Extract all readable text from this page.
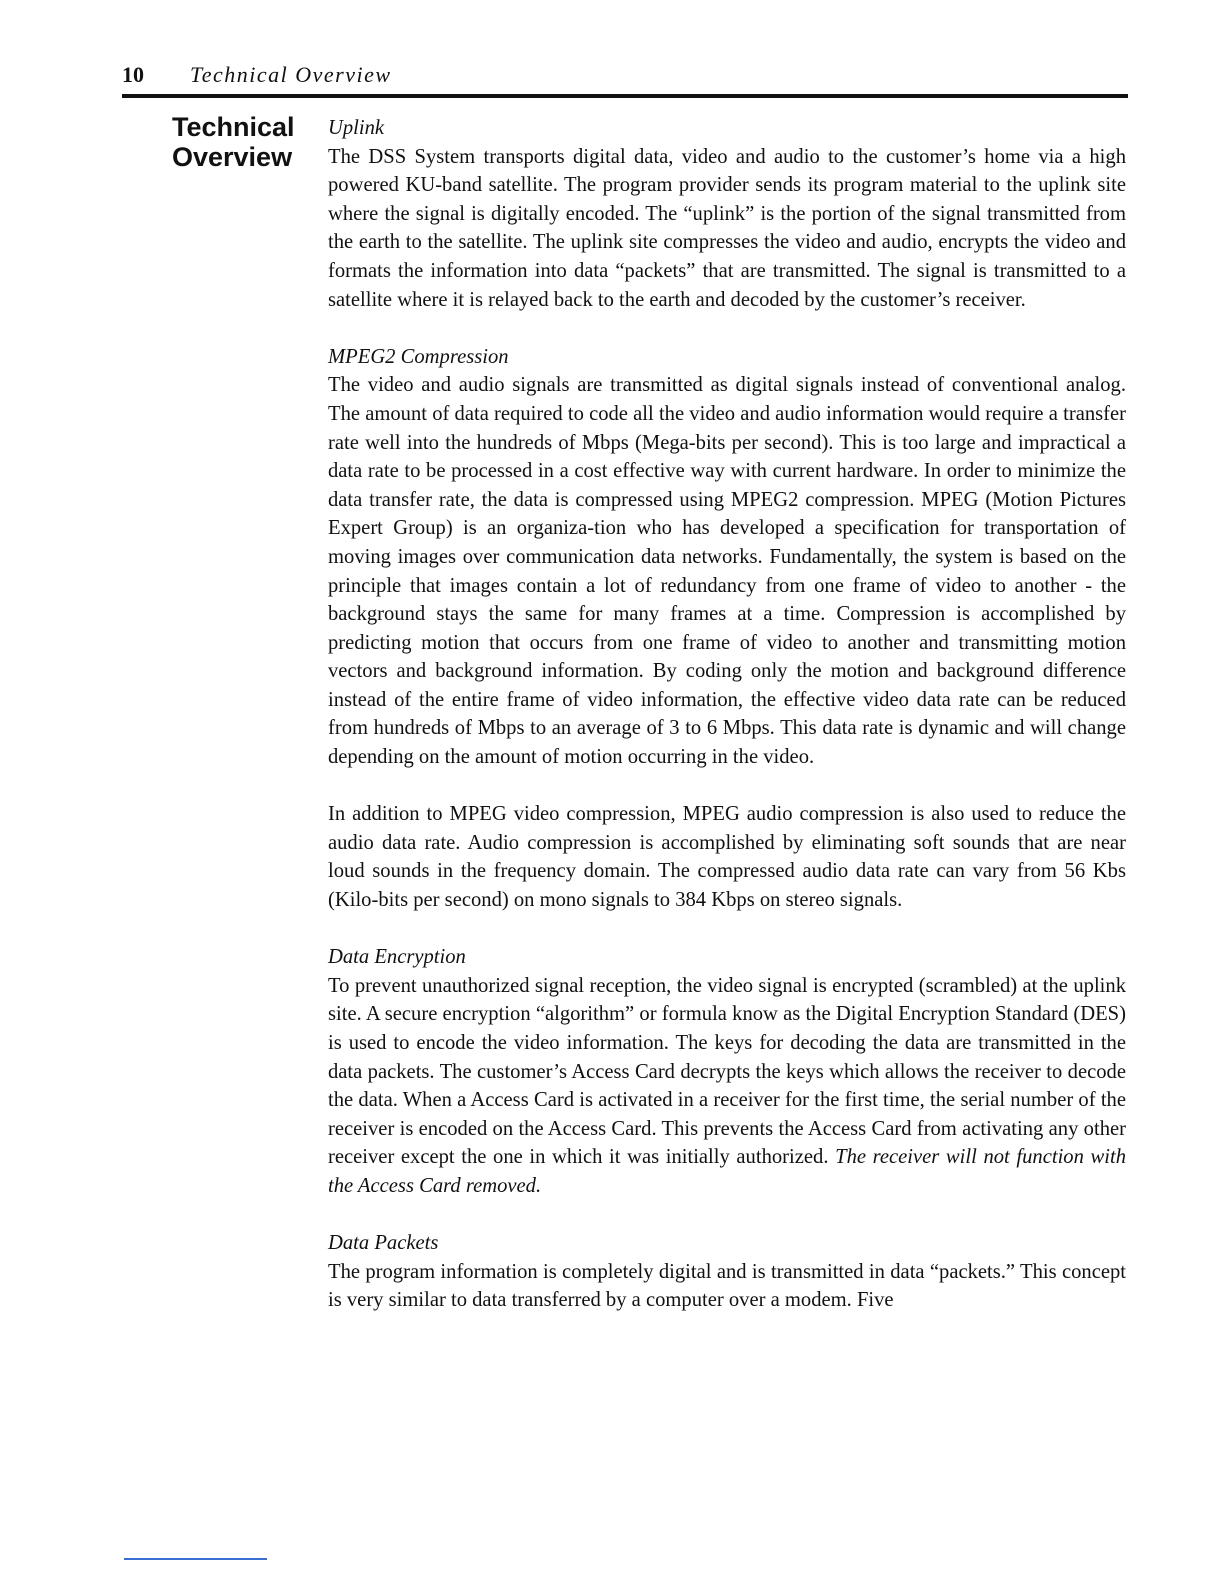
10 Technical Overview
Technical
Overview

Uplink

The DSS System transports digital data, video and audio to the customer’s home via a high powered KU-band satellite. The program provider sends its program material to the uplink site where the signal is digitally encoded. The “uplink” is the portion of the signal transmitted from the earth to the satellite. The uplink site compresses the video and audio, encrypts the video and formats the information into data “packets” that are transmitted. The signal is transmitted to a satellite where it is relayed back to the earth and decoded by the customer’s receiver.

MPEG2 Compression

The video and audio signals are transmitted as digital signals instead of conventional analog. The amount of data required to code all the video and audio information would require a transfer rate well into the hundreds of Mbps (Mega-bits per second). This is too large and impractical a data rate to be processed in a cost effective way with current hardware. In order to minimize the data transfer rate, the data is compressed using MPEG2 compression. MPEG (Motion Pictures Expert Group) is an organiza-tion who has developed a specification for transportation of moving images over communication data networks. Fundamentally, the system is based on the principle that images contain a lot of redundancy from one frame of video to another - the background stays the same for many frames at a time. Compression is accomplished by predicting motion that occurs from one frame of video to another and transmitting motion vectors and background information. By coding only the motion and background difference instead of the entire frame of video information, the effective video data rate can be reduced from hundreds of Mbps to an average of 3 to 6 Mbps. This data rate is dynamic and will change depending on the amount of motion occurring in the video.

In addition to MPEG video compression, MPEG audio compression is also used to reduce the audio data rate. Audio compression is accomplished by eliminating soft sounds that are near loud sounds in the frequency domain. The compressed audio data rate can vary from 56 Kbs (Kilo-bits per second) on mono signals to 384 Kbps on stereo signals.

Data Encryption

To prevent unauthorized signal reception, the video signal is encrypted (scrambled) at the uplink site. A secure encryption “algorithm” or formula know as the Digital Encryption Standard (DES) is used to encode the video information. The keys for decoding the data are transmitted in the data packets. The customer’s Access Card decrypts the keys which allows the receiver to decode the data. When a Access Card is activated in a receiver for the first time, the serial number of the receiver is encoded on the Access Card. This prevents the Access Card from activating any other receiver except the one in which it was initially authorized. The receiver will not function with the Access Card removed.

Data Packets

The program information is completely digital and is transmitted in data “packets.” This concept is very similar to data transferred by a computer over a modem. Five
